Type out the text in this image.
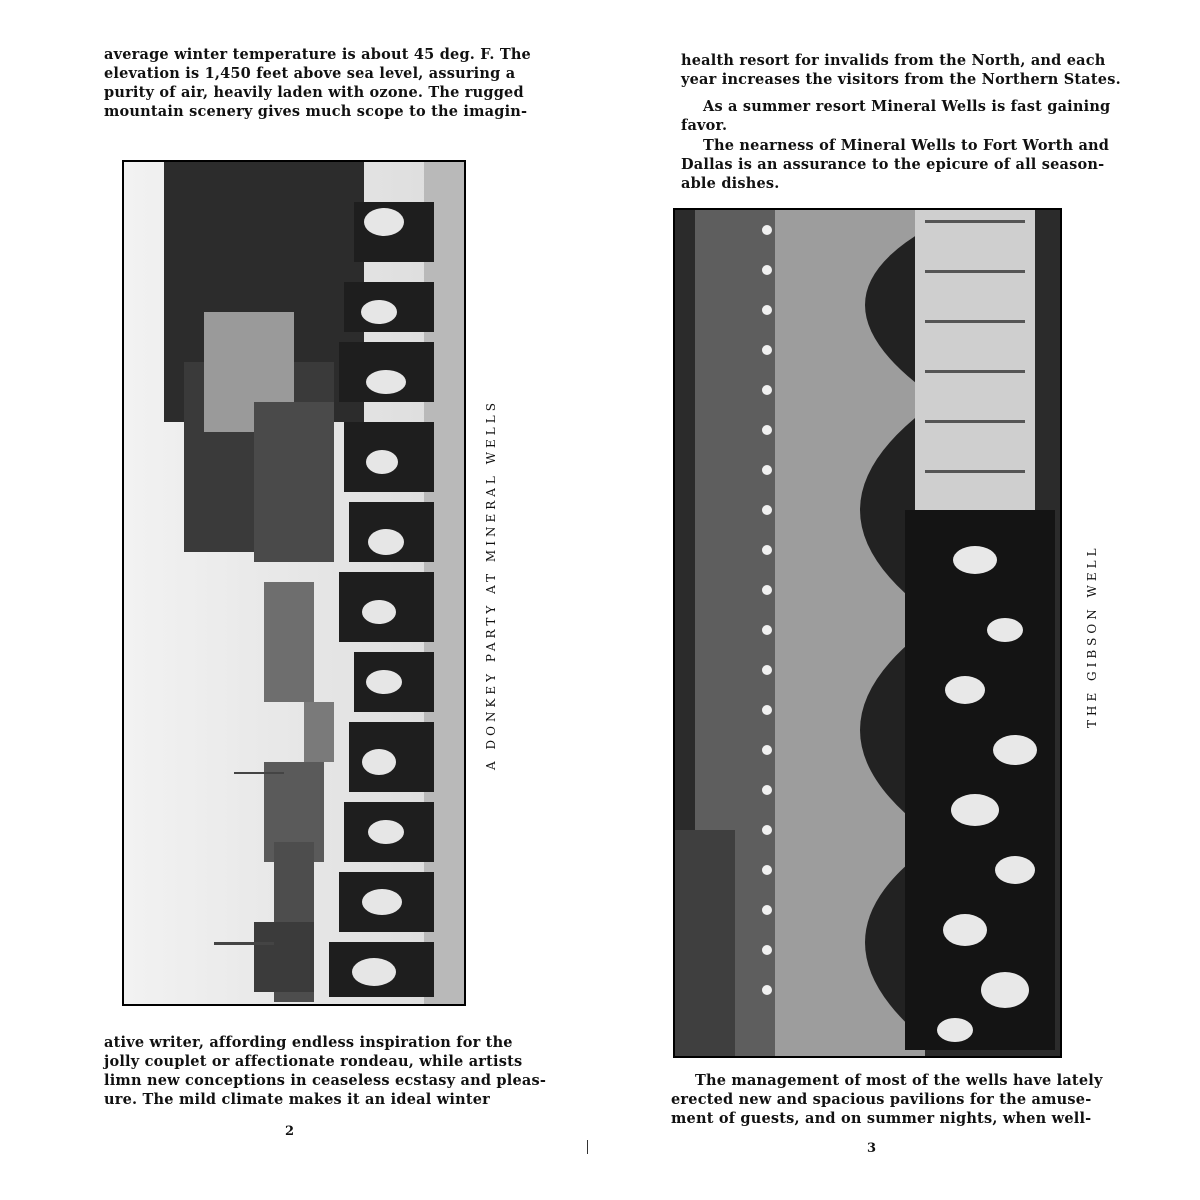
average winter temperature is about 45 deg. F. The
elevation is 1,450 feet above sea level, assuring a
purity of air, heavily laden with ozone. The rugged
mountain scenery gives much scope to the imagin-

A DONKEY PARTY AT MINERAL WELLS

ative writer, affording endless inspiration for the
jolly couplet or affectionate rondeau, while artists
limn new conceptions in ceaseless ecstasy and pleas-
ure. The mild climate makes it an ideal winter

2

health resort for invalids from the North, and each
year increases the visitors from the Northern States.

As a summer resort Mineral Wells is fast gaining
favor.

The nearness of Mineral Wells to Fort Worth and
Dallas is an assurance to the epicure of all season-
able dishes.

THE GIBSON WELL

The management of most of the wells have lately
erected new and spacious pavilions for the amuse-
ment of guests, and on summer nights, when well-

3
